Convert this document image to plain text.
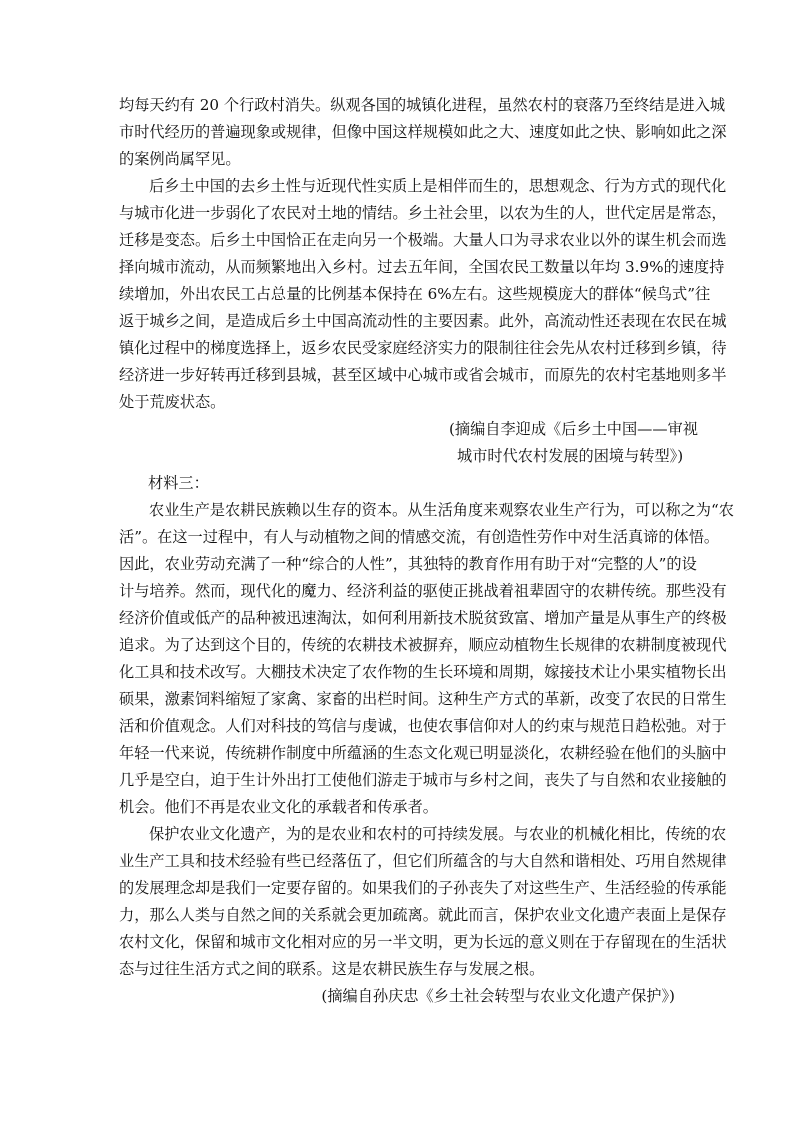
均每天约有 20 个行政村消失。纵观各国的城镇化进程，虽然农村的衰落乃至终结是进入城
市时代经历的普遍现象或规律，但像中国这样规模如此之大、速度如此之快、影响如此之深
的案例尚属罕见。
后乡土中国的去乡土性与近现代性实质上是相伴而生的，思想观念、行为方式的现代化
与城市化进一步弱化了农民对土地的情结。乡土社会里，以农为生的人，世代定居是常态，
迁移是变态。后乡土中国恰正在走向另一个极端。大量人口为寻求农业以外的谋生机会而选
择向城市流动，从而频繁地出入乡村。过去五年间，全国农民工数量以年均 3.9%的速度持
续增加，外出农民工占总量的比例基本保持在 6%左右。这些规模庞大的群体“候鸟式”往
返于城乡之间，是造成后乡土中国高流动性的主要因素。此外，高流动性还表现在农民在城
镇化过程中的梯度选择上，返乡农民受家庭经济实力的限制往往会先从农村迁移到乡镇，待
经济进一步好转再迁移到县城，甚至区域中心城市或省会城市，而原先的农村宅基地则多半
处于荒废状态。
(摘编自李迎成《后乡土中国——审视
城市时代农村发展的困境与转型》)
材料三：
农业生产是农耕民族赖以生存的资本。从生活角度来观察农业生产行为，可以称之为“农
活”。在这一过程中，有人与动植物之间的情感交流，有创造性劳作中对生活真谛的体悟。
因此，农业劳动充满了一种“综合的人性”，其独特的教育作用有助于对“完整的人”的设
计与培养。然而，现代化的魔力、经济利益的驱使正挑战着祖辈固守的农耕传统。那些没有
经济价值或低产的品种被迅速淘汰，如何利用新技术脱贫致富、增加产量是从事生产的终极
追求。为了达到这个目的，传统的农耕技术被摒弃，顺应动植物生长规律的农耕制度被现代
化工具和技术改写。大棚技术决定了农作物的生长环境和周期，嫁接技术让小果实植物长出
硕果，激素饲料缩短了家禽、家畜的出栏时间。这种生产方式的革新，改变了农民的日常生
活和价值观念。人们对科技的笃信与虔诚，也使农事信仰对人的约束与规范日趋松弛。对于
年轻一代来说，传统耕作制度中所蕴涵的生态文化观已明显淡化，农耕经验在他们的头脑中
几乎是空白，迫于生计外出打工使他们游走于城市与乡村之间，丧失了与自然和农业接触的
机会。他们不再是农业文化的承载者和传承者。
保护农业文化遗产，为的是农业和农村的可持续发展。与农业的机械化相比，传统的农
业生产工具和技术经验有些已经落伍了，但它们所蕴含的与大自然和谐相处、巧用自然规律
的发展理念却是我们一定要存留的。如果我们的子孙丧失了对这些生产、生活经验的传承能
力，那么人类与自然之间的关系就会更加疏离。就此而言，保护农业文化遗产表面上是保存
农村文化，保留和城市文化相对应的另一半文明，更为长远的意义则在于存留现在的生活状
态与过往生活方式之间的联系。这是农耕民族生存与发展之根。
(摘编自孙庆忠《乡土社会转型与农业文化遗产保护》)
